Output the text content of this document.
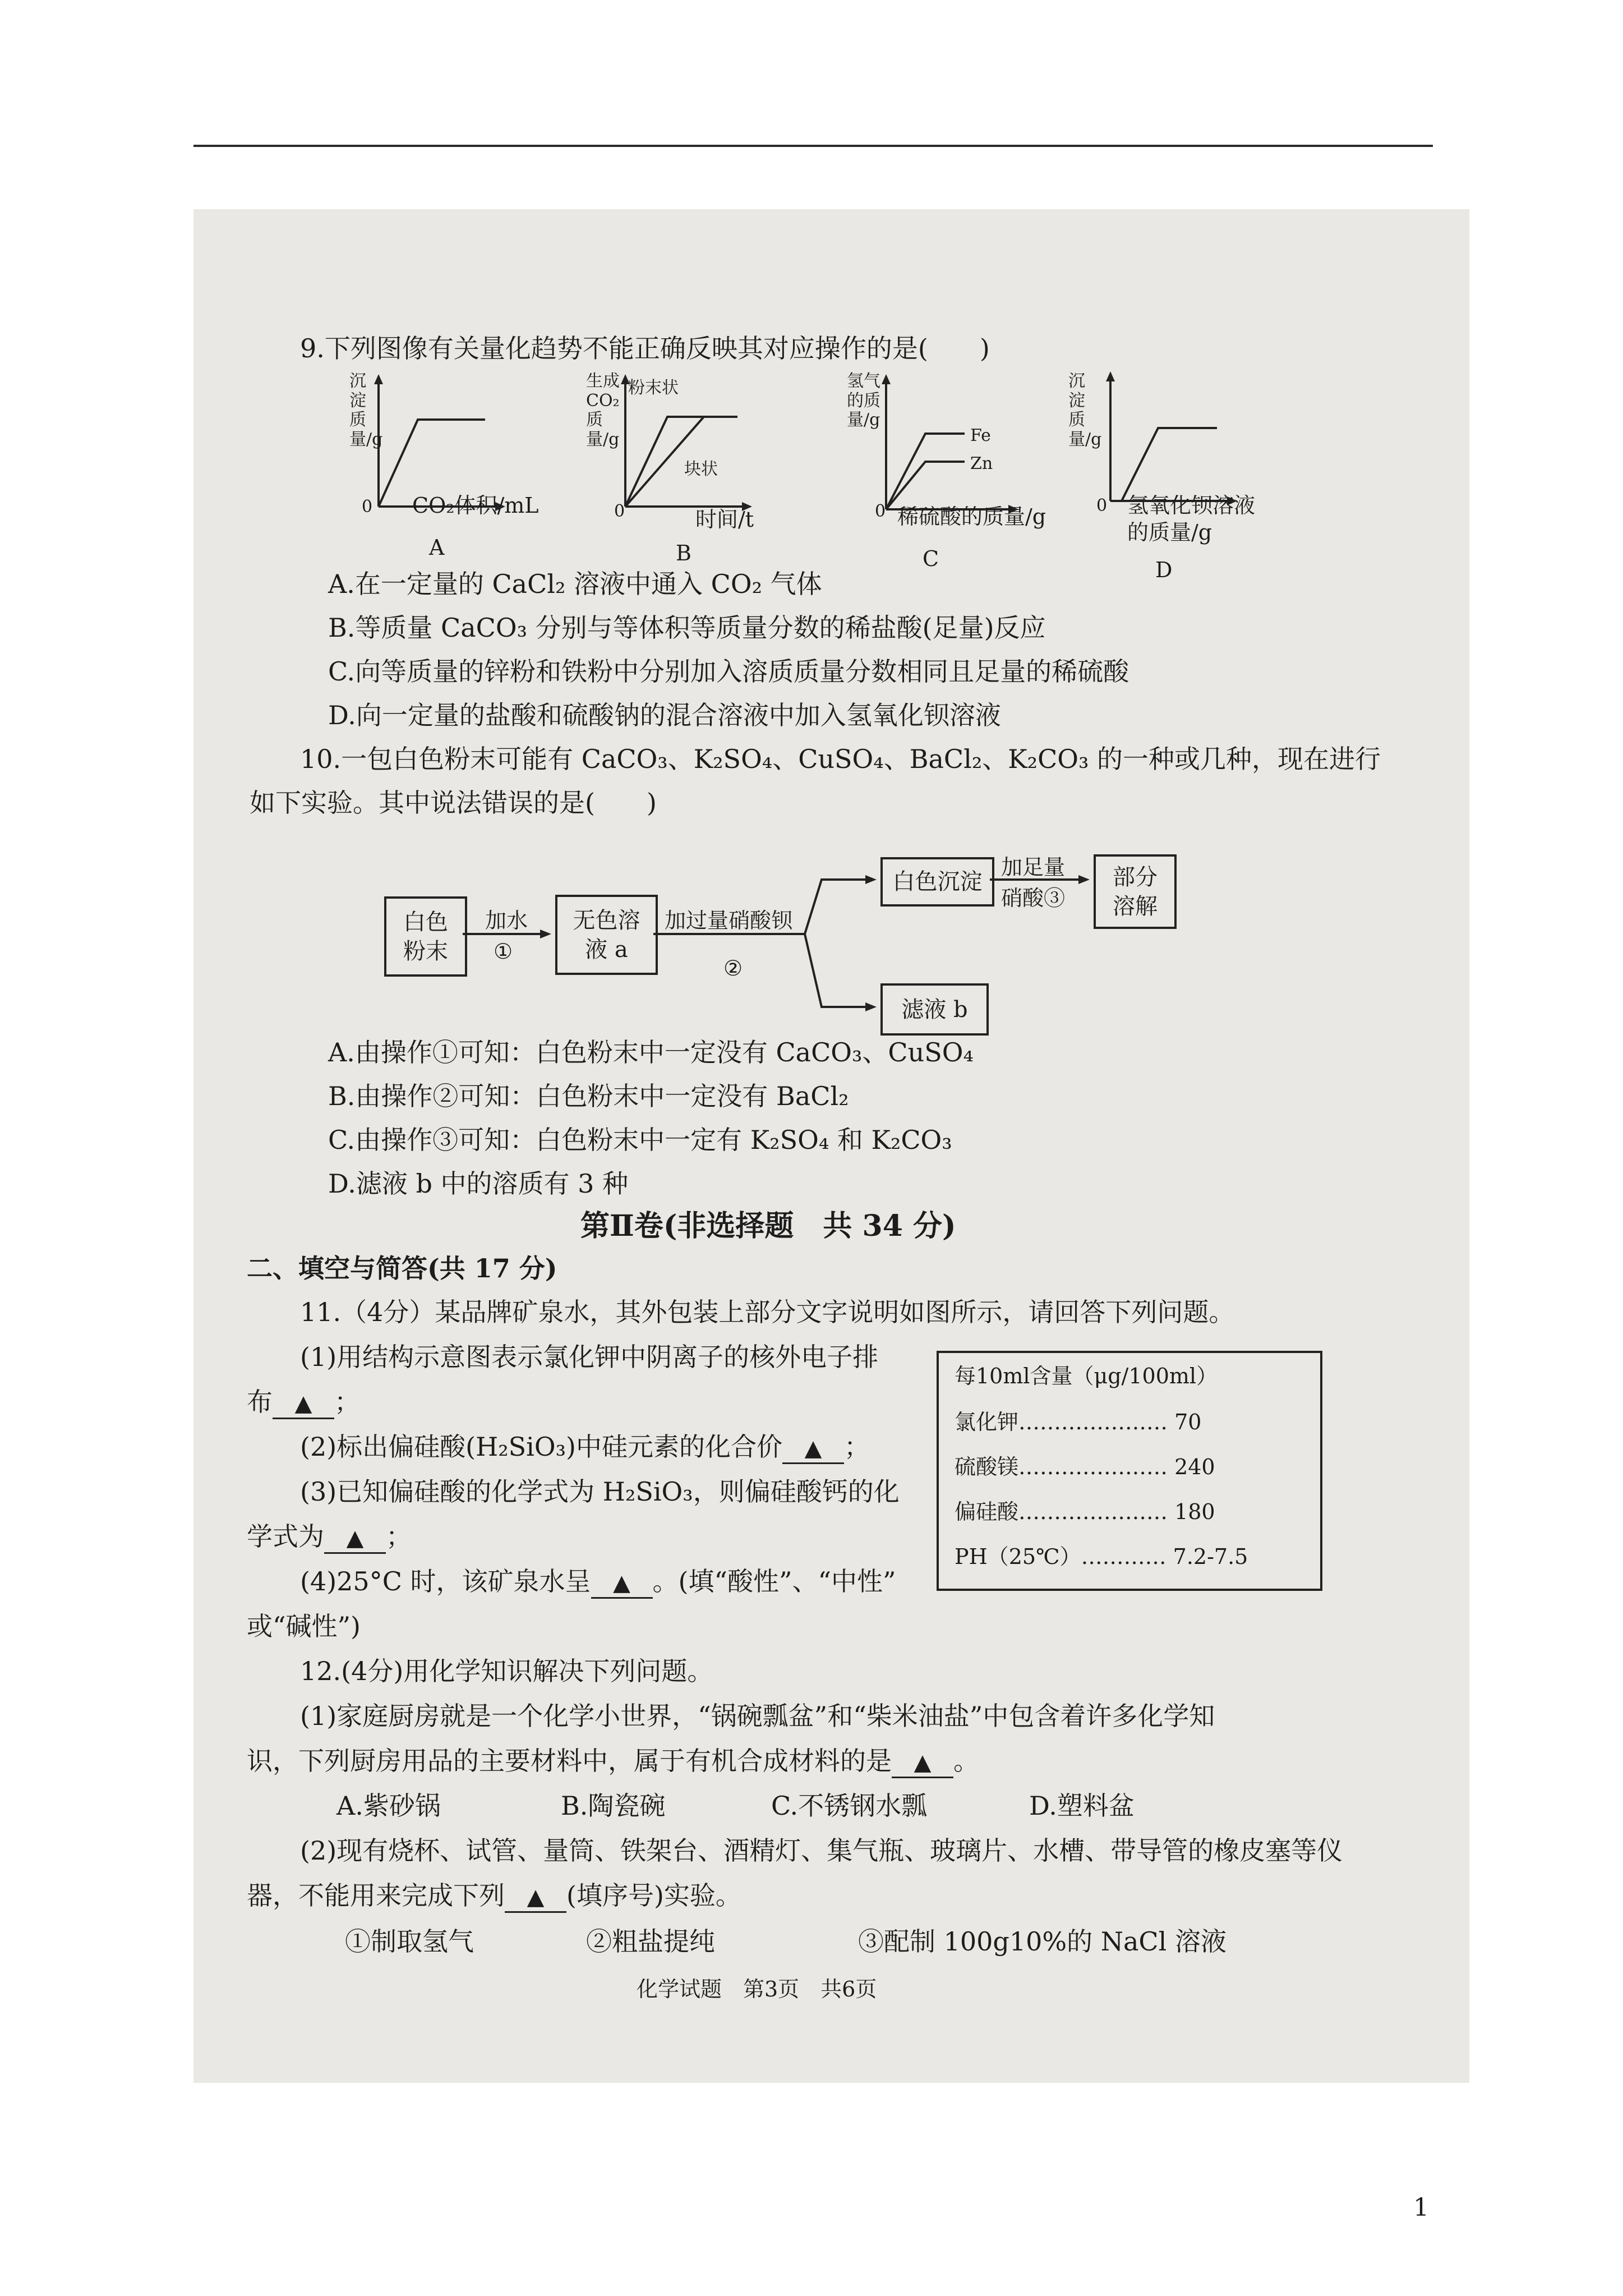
9.下列图像有关量化趋势不能正确反映其对应操作的是(　　)
沉淀质量/g
0 CO₂体积/mL
A
生成CO₂质量/g
粉末状
块状
0	时间/t
B
氢气的质量/g
Fe
Zn
0 稀硫酸的质量/g
C
沉淀质量/g
0 氢氧化钡溶液的质量/g
D
A.在一定量的 CaCl₂ 溶液中通入 CO₂ 气体
B.等质量 CaCO₃ 分别与等体积等质量分数的稀盐酸(足量)反应
C.向等质量的锌粉和铁粉中分别加入溶质质量分数相同且足量的稀硫酸
D.向一定量的盐酸和硫酸钠的混合溶液中加入氢氧化钡溶液
10.一包白色粉末可能有 CaCO₃、K₂SO₄、CuSO₄、BaCl₂、K₂CO₃ 的一种或几种，现在进行
如下实验。其中说法错误的是(　　)
白色
粉末
加水
①
无色溶
液 a
加过量硝酸钡
②
白色沉淀
加足量
硝酸③
部分
溶解
滤液 b
A.由操作①可知：白色粉末中一定没有 CaCO₃、CuSO₄
B.由操作②可知：白色粉末中一定没有 BaCl₂
C.由操作③可知：白色粉末中一定有 K₂SO₄ 和 K₂CO₃
D.滤液 b 中的溶质有 3 种
第Ⅱ卷(非选择题　共 34 分)
二、填空与简答(共 17 分)
11.（4分）某品牌矿泉水，其外包装上部分文字说明如图所示，请回答下列问题。
(1)用结构示意图表示氯化钾中阴离子的核外电子排
布 ▲ ；
(2)标出偏硅酸(H₂SiO₃)中硅元素的化合价 ▲ ；
(3)已知偏硅酸的化学式为 H₂SiO₃，则偏硅酸钙的化
学式为 ▲ ；
(4)25°C 时，该矿泉水呈 ▲ 。(填“酸性”、“中性”
或“碱性”)
每10ml含量（μg/100ml）
氯化钾………………… 70
硫酸镁………………… 240
偏硅酸………………… 180
PH（25℃）………… 7.2-7.5
12.(4分)用化学知识解决下列问题。
(1)家庭厨房就是一个化学小世界，“锅碗瓢盆”和“柴米油盐”中包含着许多化学知
识，下列厨房用品的主要材料中，属于有机合成材料的是 ▲ 。
A.紫砂锅	B.陶瓷碗	C.不锈钢水瓢	D.塑料盆
(2)现有烧杯、试管、量筒、铁架台、酒精灯、集气瓶、玻璃片、水槽、带导管的橡皮塞等仪
器，不能用来完成下列 ▲ (填序号)实验。
①制取氢气	②粗盐提纯	③配制 100g10%的 NaCl 溶液
化学试题　第3页　共6页
1
